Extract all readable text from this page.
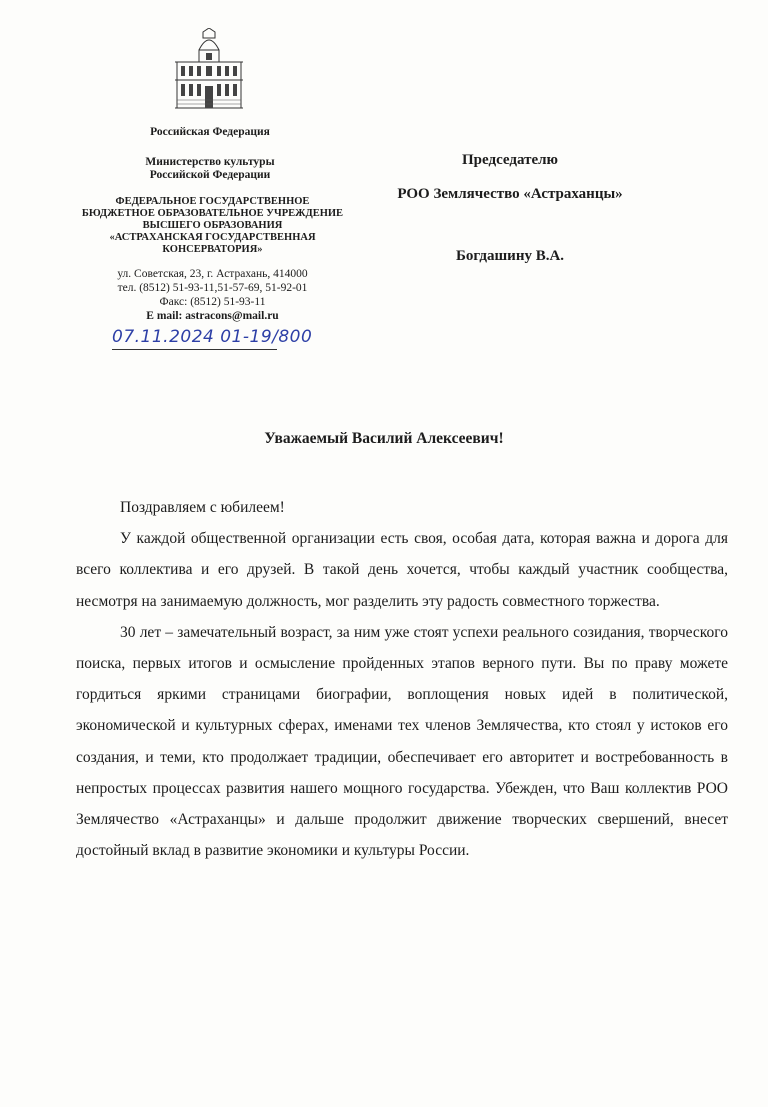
Российская Федерация
Министерство культуры
Российской Федерации
ФЕДЕРАЛЬНОЕ ГОСУДАРСТВЕННОЕ
БЮДЖЕТНОЕ ОБРАЗОВАТЕЛЬНОЕ УЧРЕЖДЕНИЕ
ВЫСШЕГО ОБРАЗОВАНИЯ
«АСТРАХАНСКАЯ ГОСУДАРСТВЕННАЯ
КОНСЕРВАТОРИЯ»
ул. Советская, 23, г. Астрахань, 414000
тел. (8512) 51-93-11,51-57-69, 51-92-01
Факс: (8512) 51-93-11
E mail: astracons@mail.ru
07.11.2024 01-19/800
Председателю
РОО Землячество «Астраханцы»
Богдашину В.А.
Уважаемый Василий Алексеевич!

Поздравляем с юбилеем!

У каждой общественной организации есть своя, особая дата, которая важна и дорога для всего коллектива и его друзей. В такой день хочется, чтобы каждый участник сообщества, несмотря на занимаемую должность, мог разделить эту радость совместного торжества.

30 лет – замечательный возраст, за ним уже стоят успехи реального созидания, творческого поиска, первых итогов и осмысление пройденных этапов верного пути. Вы по праву можете гордиться яркими страницами биографии, воплощения новых идей в политической, экономической и культурных сферах, именами тех членов Землячества, кто стоял у истоков его создания, и теми, кто продолжает традиции, обеспечивает его авторитет и востребованность в непростых процессах развития нашего мощного государства. Убежден, что Ваш коллектив РОО Землячество «Астраханцы» и дальше продолжит движение творческих свершений, внесет достойный вклад в развитие экономики и культуры России.
